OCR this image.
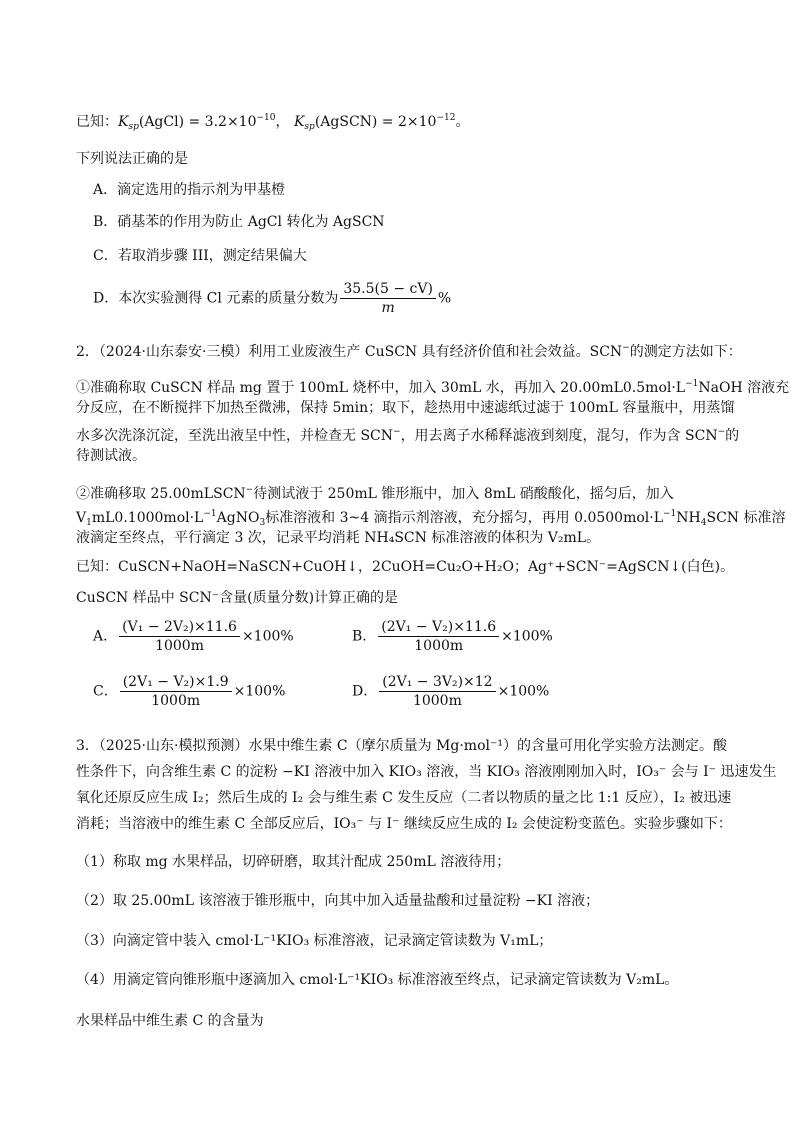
已知：$K_{sp}(AgCl) = 3.2\times 10^{-10}$， $K_{sp}(AgSCN) = 2\times 10^{-12}$。
下列说法正确的是
A．滴定选用的指示剂为甲基橙
B．硝基苯的作用为防止 AgCl 转化为 AgSCN
C．若取消步骤 III，测定结果偏大
D．本次实验测得 Cl 元素的质量分数为 $\frac{35.5(5 - cV)}{m}$ %
2．（2024·山东泰安·三模）利用工业废液生产 CuSCN 具有经济价值和社会效益。SCN−的测定方法如下：
①准确称取 CuSCN 样品 mg 置于 100mL 烧杯中，加入 30mL 水，再加入 $20.00mL0.5mol\cdot L^{-1}NaOH$ 溶液充
分反应，在不断搅拌下加热至微沸，保持 5min；取下，趁热用中速滤纸过滤于 100mL 容量瓶中，用蒸馏
水多次洗涤沉淀，至洗出液呈中性，并检查无 SCN−，用去离子水稀释滤液到刻度，混匀，作为含 SCN−的
待测试液。
②准确移取 25.00mLSCN−待测试液于 250mL 锥形瓶中，加入 8mL 硝酸酸化，摇匀后，加入
$V_1mL0.1000mol\cdot L^{-1}AgNO_3$标准溶液和 3~4 滴指示剂溶液，充分摇匀，再用 $0.0500mol\cdot L^{-1}NH_4SCN$ 标准溶
液滴定至终点，平行滴定 3 次，记录平均消耗 NH₄SCN 标准溶液的体积为 V₂mL。
已知：CuSCN+NaOH=NaSCN+CuOH↓，2CuOH=Cu₂O+H₂O；Ag⁺+SCN⁻=AgSCN↓(白色)。
CuSCN 样品中 SCN⁻含量(质量分数)计算正确的是
A． $\frac{\text{(V₁ − 2V₂)×11.6}}{1000m} \times 100\%$	B． $\frac{\text{(2V₁ − V₂)×11.6}}{1000m} \times 100\%$
C． $\frac{\text{(2V₁ − V₂)×1.9}}{1000m} \times 100\%$	D． $\frac{\text{(2V₁ − 3V₂)×12}}{1000m} \times 100\%$
3．（2025·山东·模拟预测）水果中维生素 C（摩尔质量为 Mg·mol⁻¹）的含量可用化学实验方法测定。酸
性条件下，向含维生素 C 的淀粉 −KI 溶液中加入 KIO₃ 溶液，当 KIO₃ 溶液刚刚加入时，IO₃⁻ 会与 I⁻ 迅速发生
氧化还原反应生成 I₂；然后生成的 I₂ 会与维生素 C 发生反应（二者以物质的量之比 1:1 反应），I₂ 被迅速
消耗；当溶液中的维生素 C 全部反应后，IO₃⁻ 与 I⁻ 继续反应生成的 I₂ 会使淀粉变蓝色。实验步骤如下：
（1）称取 mg 水果样品，切碎研磨，取其汁配成 250mL 溶液待用；
（2）取 25.00mL 该溶液于锥形瓶中，向其中加入适量盐酸和过量淀粉 −KI 溶液；
（3）向滴定管中装入 cmol·L⁻¹KIO₃ 标准溶液，记录滴定管读数为 V₁mL；
（4）用滴定管向锥形瓶中逐滴加入 cmol·L⁻¹KIO₃ 标准溶液至终点，记录滴定管读数为 V₂mL。
水果样品中维生素 C 的含量为
